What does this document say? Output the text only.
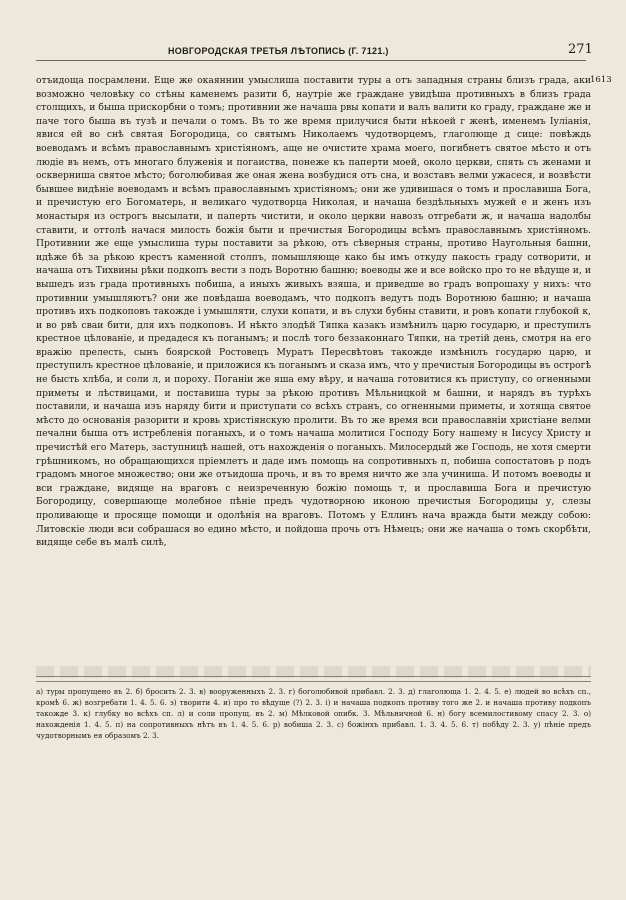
НОВГОРОДСКАЯ ТРЕТЬЯ ЛѢТОПИСЬ (Г. 7121.)	271
1613

отъидоща посрамлени. Еще же окаяннии умыслиша поставити туры а отъ западныя страны близъ града, аки возможно человѣку со стѣны каменемъ разити б, наутріе же граждане увидѣша противныхъ в близъ града столщихъ, и быша прискорбни о томъ; противнии же начаша рвы копати и валъ валити ко граду, граждане же и паче того быша въ тузѣ и печали о томъ. Въ то же время прилучися быти нѣкоей г женѣ, именемъ Іуліанія, явися ей во снѣ святая Богородица, со святымъ Николаемъ чудотворцемъ, глаголюще д сице: повѣждь воеводамъ и всѣмъ православнымъ христіяномъ, аще не очистите храма моего, погибнетъ святое мѣсто и отъ людіе въ немъ, отъ многаго блуженія и погаиства, понеже къ паперти моей, около церкви, спять съ женами и оскверниша святое мѣсто; боголюбивая же оная жена возбудися отъ сна, и возставъ велми ужасеся, и возвѣсти бывшее видѣніе воеводамъ и всѣмъ православнымъ христіяномъ; они же удивишася о томъ и прославиша Бога, и пречистую его Богоматерь, и великаго чудотворца Николая, и начаша бездѣльныхъ мужей е и женъ изъ монастыря из острогъ высылати, и паперть чистити, и около церкви навозъ отгребати ж, и начаша надолбы ставити, и оттолѣ начася милость божія быти и пречистыя Богородицы всѣмъ православнымъ христіяномъ. Противнии же еще умыслиша туры поставити за рѣкою, отъ сѣверныя страны, противо Наугольныя башни, идѣже бѣ за рѣкою крестъ каменной столпъ, помышляюще како бы имъ откуду пакость граду сотворити, и начаша отъ Тихвины рѣки подкопъ вести з подъ Воротню башню; воеводы же и все войско про то не вѣдуще и, и вышедъ изъ града противныхъ побиша, а иныхъ живыхъ взяша, и приведше во градъ вопрошаху у нихъ: что противнии умышляютъ? они же повѣдаша воеводамъ, что подкопъ ведутъ подъ Воротнюю башню; и начаша противъ ихъ подкоповъ такожде і умышляти, слухи копати, и въ слухи бубны ставити, и ровъ копати глубокой к, и во рвѣ сваи бити, для ихъ подкоповъ. И нѣкто злодѣй Тяпка казакъ измѣнилъ царю государю, и преступилъ крестное цѣлованіе, и предадеся къ поганымъ; и послѣ того беззаконнаго Тяпки, на третій день, смотря на его вражію прелесть, сынъ боярской Ростовецъ Муратъ Пересвѣтовъ такожде измѣнилъ государю царю, и преступилъ крестное цѣлованіе, и приложися къ поганымъ и сказа имъ, что у пречистыя Богородицы въ острогѣ не бысть хлѣба, и соли л, и пороху. Поганіи же яша ему вѣру, и начаша готовитися къ приступу, со огненными приметы и лѣствицами, и поставиша туры за рѣкою противъ Мѣльницкой м башни, и нарядъ въ турѣхъ поставили, и начаша изъ наряду бити и приступати со всѣхъ странъ, со огненными приметы, и хотяща святое мѣсто до основанія разорити и кровь христіянскую пролити. Въ то же время вси православніи христіане велми печални быша отъ истребленія поганыхъ, и о томъ начаша молитися Господу Богу нашему н Іисусу Христу и пречистѣй его Матерь, заступницѣ нашей, отъ нахожденія о поганыхъ. Милосердый же Господь, не хотя смерти грѣшникомъ, но обращающихся пріемлетъ и даде имъ помощь на сопротивныхъ п, побиша сопостатовъ р подъ градомъ многое множество; они же отъидоша прочь, и въ то время ничто же зла учиниша. И потомъ воеводы и вси граждане, видяще на враговъ с неизреченную божію помощь т, и прославиша Бога и пречистую Богородицу, совершающе молебное пѣніе предъ чудотворною иконою пречистыя Богородицы у, слезы проливающе и просяще помощи и одолѣнія на враговъ. Потомъ у Еллинъ нача вражда быти между собою: Литовскіе люди вси собрашася во едино мѣсто, и пойдоша прочь отъ Нѣмецъ; они же начаша о томъ скорбѣти, видяще себе въ малѣ силѣ,

а) туры пропущено въ 2. б) бросить 2. 3. в) вооруженныхъ 2. 3. г) боголюбивой прибавл. 2. 3. д) глаголюща 1. 2. 4. 5. е) людей во всѣхъ сп., кромѣ 6. ж) возгребати 1. 4. 5. 6. з) творити 4. и) про то вѣдуще (?) 2. 3. і) и начаша подкопъ противу того же 2. и начаша противу подкопъ такожде 3. к) глубку во всѣхъ сп. л) и соли пропущ. въ 2. м) Мѣлковой опибк. 3. Мѣльничной 6. н) богу всемилостивому спасу 2. 3. о) нахожденія 1. 4. 5. п) на сопротивныхъ нѣтъ въ 1. 4. 5. 6. р) вобиша 2. 3. с) божінхъ прибавл. 1. 3. 4. 5. 6. т) побѣду 2. 3. у) пѣніе предъ чудотворнымъ ея образомъ 2. 3.
